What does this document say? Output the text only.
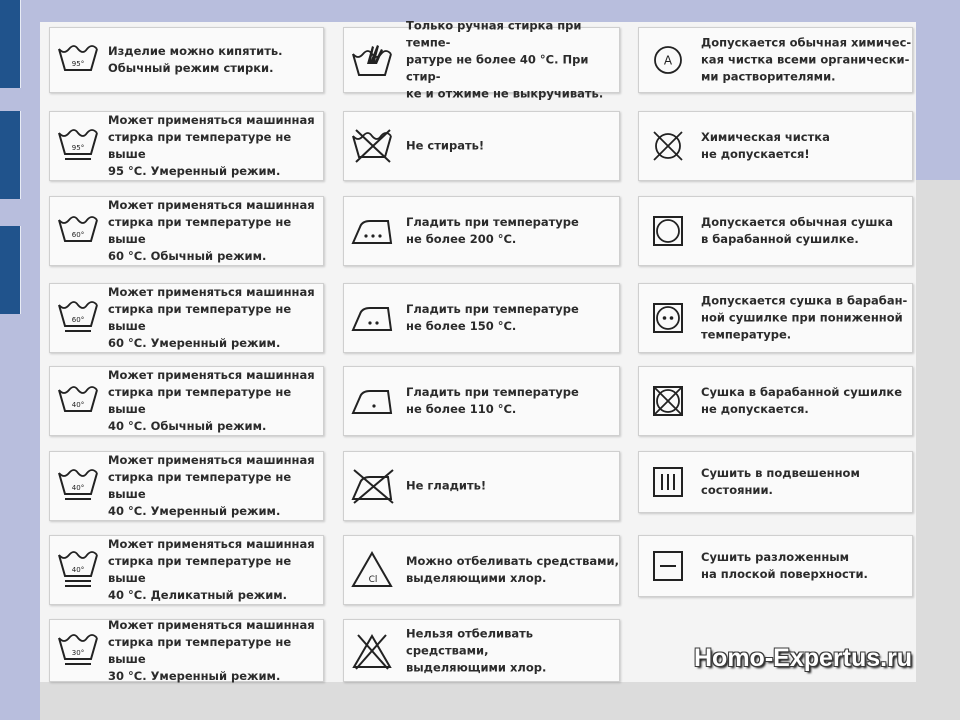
95°
Изделие можно кипятить.
Обычный режим стирки.
95°
Может применяться машинная
стирка при температуре не выше
95 °С. Умеренный режим.
60°
Может применяться машинная
стирка при температуре не выше
60 °С. Обычный режим.
60°
Может применяться машинная
стирка при температуре не выше
60 °С. Умеренный режим.
40°
Может применяться машинная
стирка при температуре не выше
40 °С. Обычный режим.
40°
Может применяться машинная
стирка при температуре не выше
40 °С. Умеренный режим.
40°
Может применяться машинная
стирка при температуре не выше
40 °С. Деликатный режим.
30°
Может применяться машинная
стирка при температуре не выше
30 °С. Умеренный режим.
Только ручная стирка при темпе-
ратуре не более 40 °С. При стир-
ке и отжиме не выкручивать.
Не стирать!
Гладить при температуре
не более 200 °С.
Гладить при температуре
не более 150 °С.
Гладить при температуре
не более 110 °С.
Не гладить!
Cl
Можно отбеливать средствами,
выделяющими хлор.
Нельзя отбеливать средствами,
выделяющими хлор.
A
Допускается обычная химичес-
кая чистка всеми органически-
ми растворителями.
Химическая чистка
не допускается!
Допускается обычная сушка
в барабанной сушилке.
Допускается сушка в барабан-
ной сушилке при пониженной
температуре.
Сушка в барабанной сушилке
не допускается.
Сушить в подвешенном
состоянии.
Сушить разложенным
на плоской поверхности.
Homo-Expertus.ru
